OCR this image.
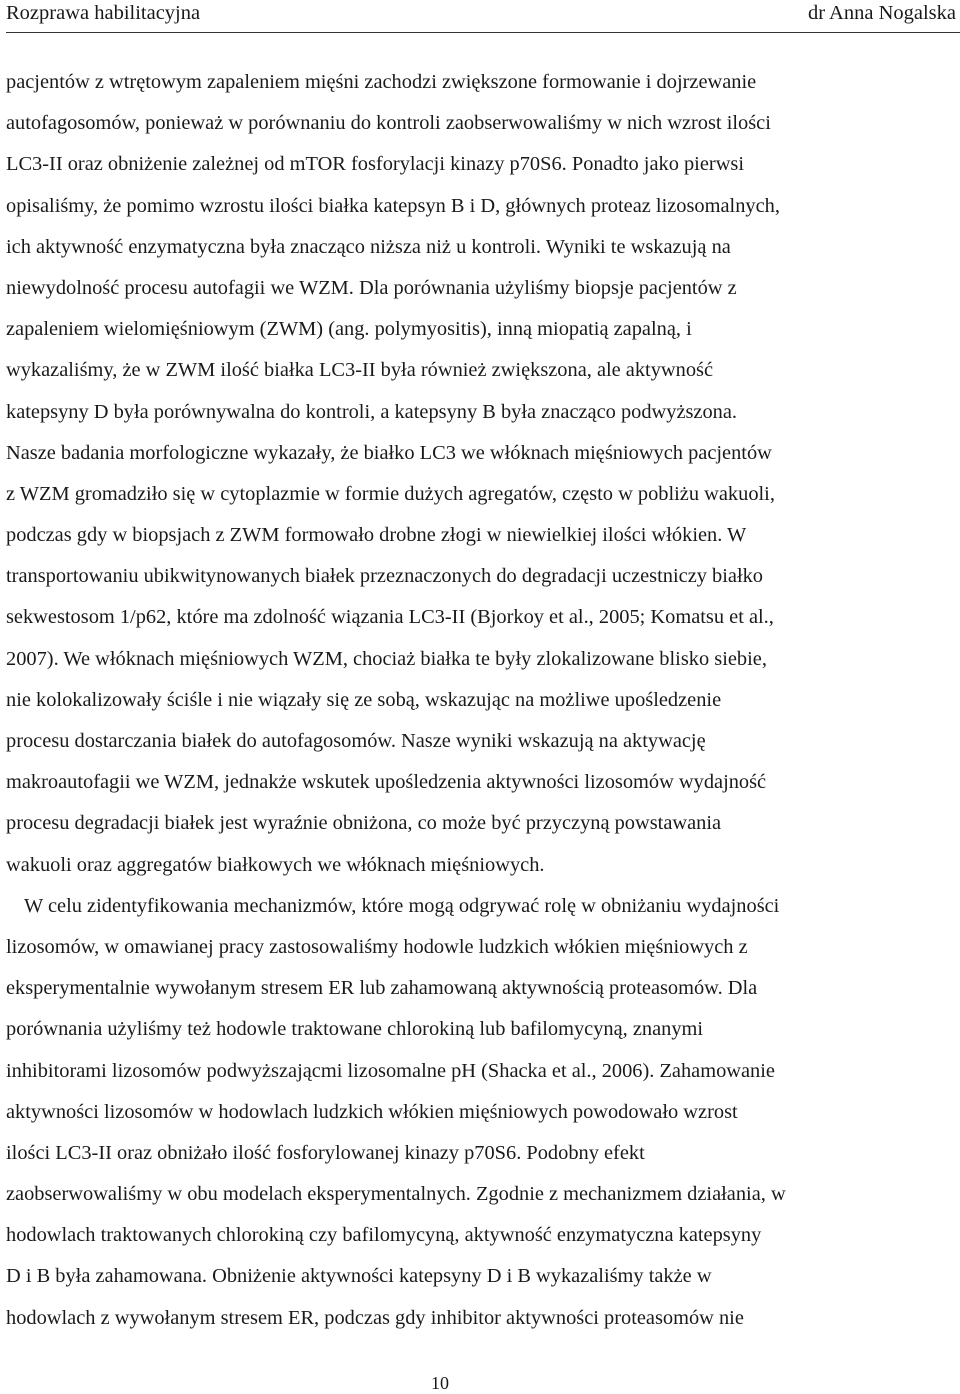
Rozprawa habilitacyjna	dr Anna Nogalska
pacjentów z wtrętowym zapaleniem mięśni zachodzi zwiększone formowanie i dojrzewanie
autofagosomów, ponieważ w porównaniu do kontroli zaobserwowaliśmy w nich wzrost ilości
LC3-II oraz obniżenie zależnej od mTOR fosforylacji kinazy p70S6. Ponadto jako pierwsi
opisaliśmy, że pomimo wzrostu ilości białka katepsyn B i D, głównych proteaz lizosomalnych,
ich aktywność enzymatyczna była znacząco niższa niż u kontroli. Wyniki te wskazują na
niewydolność procesu autofagii we WZM. Dla porównania użyliśmy biopsje pacjentów z
zapaleniem wielomięśniowym (ZWM) (ang. polymyositis), inną miopatią zapalną, i
wykazaliśmy, że w ZWM ilość białka LC3-II była również zwiększona, ale aktywność
katepsyny D była porównywalna do kontroli, a katepsyny B była znacząco podwyższona.
Nasze badania morfologiczne wykazały, że białko LC3 we włóknach mięśniowych pacjentów
z WZM gromadziło się w cytoplazmie w formie dużych agregatów, często w pobliżu wakuoli,
podczas gdy w biopsjach z ZWM formowało drobne złogi w niewielkiej ilości włókien. W
transportowaniu ubikwitynowanych białek przeznaczonych do degradacji uczestniczy białko
sekwestosom 1/p62, które ma zdolność wiązania LC3-II (Bjorkoy et al., 2005; Komatsu et al.,
2007). We włóknach mięśniowych WZM, chociaż białka te były zlokalizowane blisko siebie,
nie kolokalizowały ściśle i nie wiązały się ze sobą, wskazując na możliwe upośledzenie
procesu dostarczania białek do autofagosomów. Nasze wyniki wskazują na aktywację
makroautofagii we WZM, jednakże wskutek upośledzenia aktywności lizosomów wydajność
procesu degradacji białek jest wyraźnie obniżona, co może być przyczyną powstawania
wakuoli oraz aggregatów białkowych we włóknach mięśniowych.
W celu zidentyfikowania mechanizmów, które mogą odgrywać rolę w obniżaniu wydajności
lizosomów, w omawianej pracy zastosowaliśmy hodowle ludzkich włókien mięśniowych z
eksperymentalnie wywołanym stresem ER lub zahamowaną aktywnością proteasomów. Dla
porównania użyliśmy też hodowle traktowane chlorokiną lub bafilomycyną, znanymi
inhibitorami lizosomów podwyższającmi lizosomalne pH (Shacka et al., 2006). Zahamowanie
aktywności lizosomów w hodowlach ludzkich włókien mięśniowych powodowało wzrost
ilości LC3-II oraz obniżało ilość fosforylowanej kinazy p70S6. Podobny efekt
zaobserwowaliśmy w obu modelach eksperymentalnych. Zgodnie z mechanizmem działania, w
hodowlach traktowanych chlorokiną czy bafilomycyną, aktywność enzymatyczna katepsyny
D i B była zahamowana. Obniżenie aktywności katepsyny D i B wykazaliśmy także w
hodowlach z wywołanym stresem ER, podczas gdy inhibitor aktywności proteasomów nie
10
